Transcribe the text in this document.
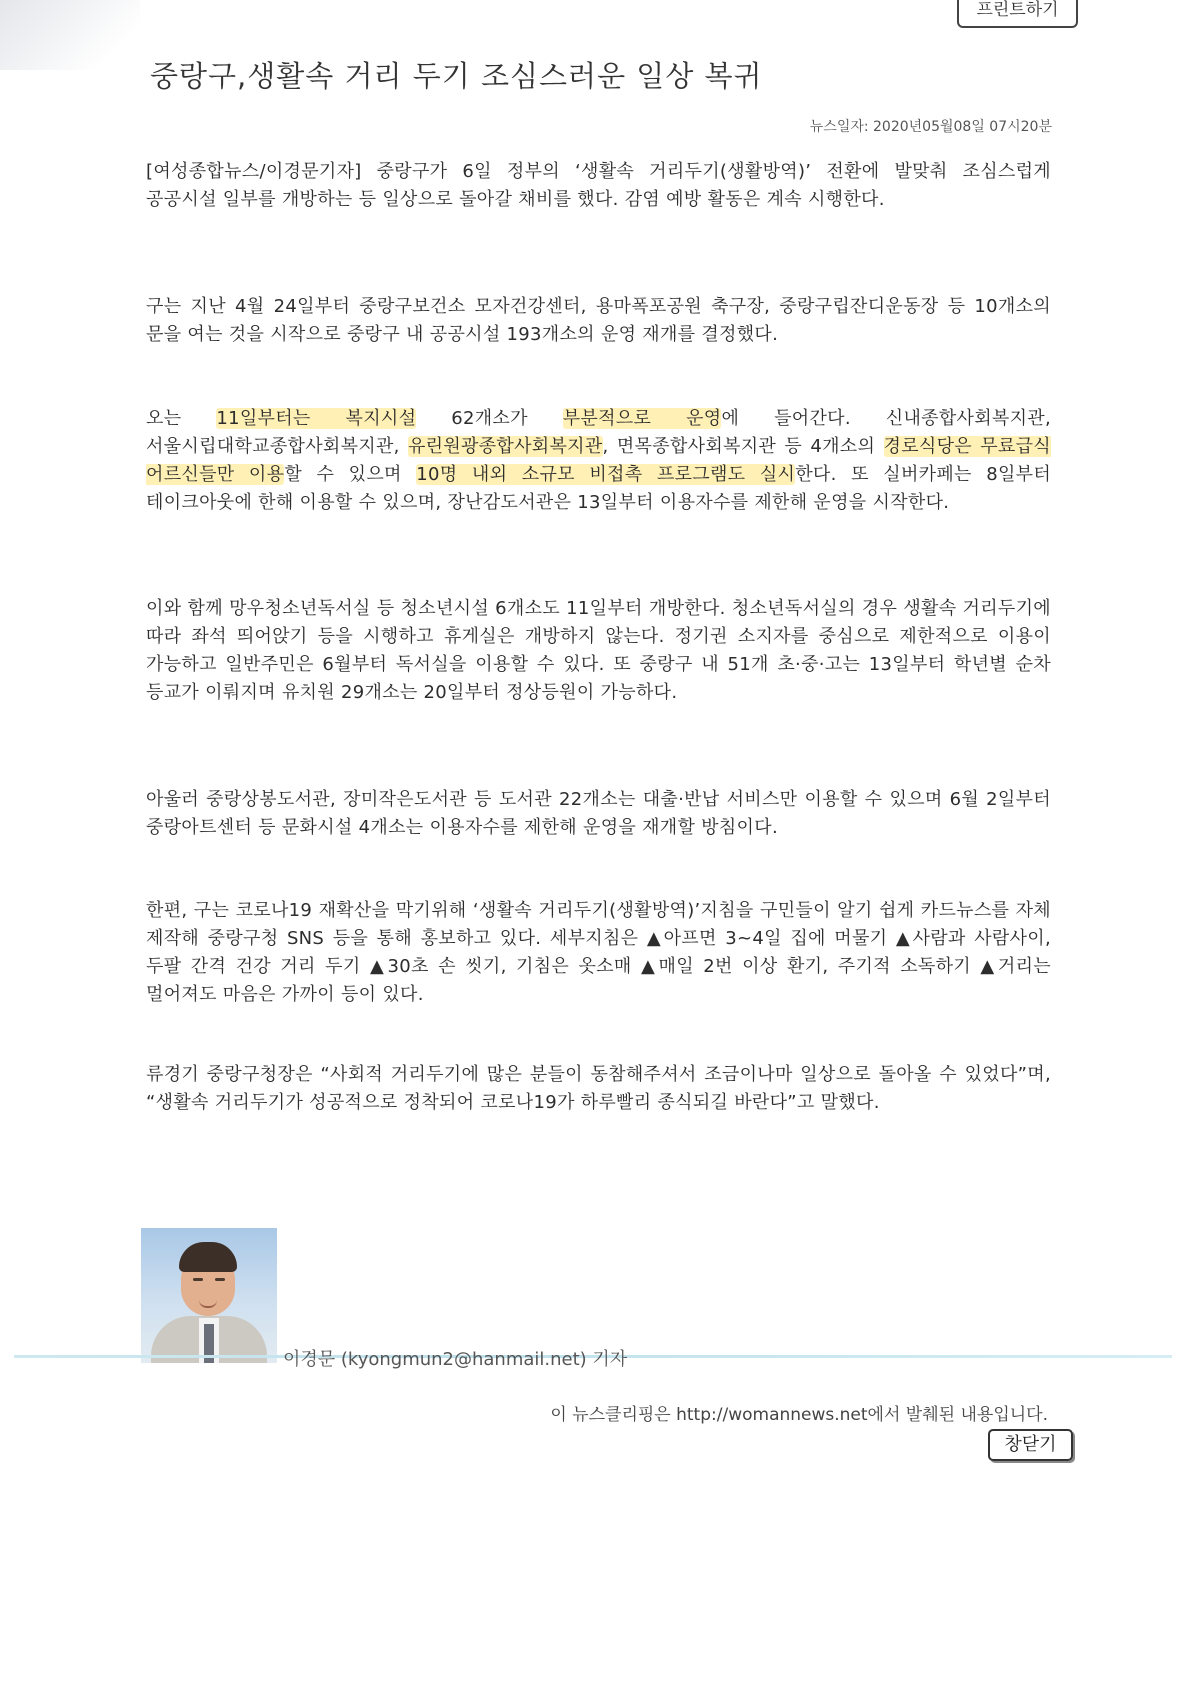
프린트하기
중랑구,생활속 거리 두기 조심스러운 일상 복귀
뉴스일자: 2020년05월08일 07시20분

[여성종합뉴스/이경문기자] 중랑구가 6일 정부의 ‘생활속 거리두기(생활방역)’ 전환에 발맞춰 조심스럽게 공공시설 일부를 개방하는 등 일상으로 돌아갈 채비를 했다. 감염 예방 활동은 계속 시행한다.

구는 지난 4월 24일부터 중랑구보건소 모자건강센터, 용마폭포공원 축구장, 중랑구립잔디운동장 등 10개소의 문을 여는 것을 시작으로 중랑구 내 공공시설 193개소의 운영 재개를 결정했다.

오는 11일부터는 복지시설 62개소가 부분적으로 운영에 들어간다. 신내종합사회복지관, 서울시립대학교종합사회복지관, 유린원광종합사회복지관, 면목종합사회복지관 등 4개소의 경로식당은 무료급식 어르신들만 이용할 수 있으며 10명 내외 소규모 비접촉 프로그램도 실시한다. 또 실버카페는 8일부터 테이크아웃에 한해 이용할 수 있으며, 장난감도서관은 13일부터 이용자수를 제한해 운영을 시작한다.

이와 함께 망우청소년독서실 등 청소년시설 6개소도 11일부터 개방한다. 청소년독서실의 경우 생활속 거리두기에 따라 좌석 띄어앉기 등을 시행하고 휴게실은 개방하지 않는다. 정기권 소지자를 중심으로 제한적으로 이용이 가능하고 일반주민은 6월부터 독서실을 이용할 수 있다. 또 중랑구 내 51개 초·중·고는 13일부터 학년별 순차 등교가 이뤄지며 유치원 29개소는 20일부터 정상등원이 가능하다.

아울러 중랑상봉도서관, 장미작은도서관 등 도서관 22개소는 대출·반납 서비스만 이용할 수 있으며 6월 2일부터 중랑아트센터 등 문화시설 4개소는 이용자수를 제한해 운영을 재개할 방침이다.

한편, 구는 코로나19 재확산을 막기위해 ‘생활속 거리두기(생활방역)’지침을 구민들이 알기 쉽게 카드뉴스를 자체 제작해 중랑구청 SNS 등을 통해 홍보하고 있다. 세부지침은 ▲아프면 3~4일 집에 머물기 ▲사람과 사람사이, 두팔 간격 건강 거리 두기 ▲30초 손 씻기, 기침은 옷소매 ▲매일 2번 이상 환기, 주기적 소독하기 ▲거리는 멀어져도 마음은 가까이 등이 있다.

류경기 중랑구청장은 “사회적 거리두기에 많은 분들이 동참해주셔서 조금이나마 일상으로 돌아올 수 있었다”며, “생활속 거리두기가 성공적으로 정착되어 코로나19가 하루빨리 종식되길 바란다”고 말했다.

이경문 (kyongmun2@hanmail.net) 기자
이 뉴스클리핑은 http://womannews.net에서 발췌된 내용입니다.
창닫기
